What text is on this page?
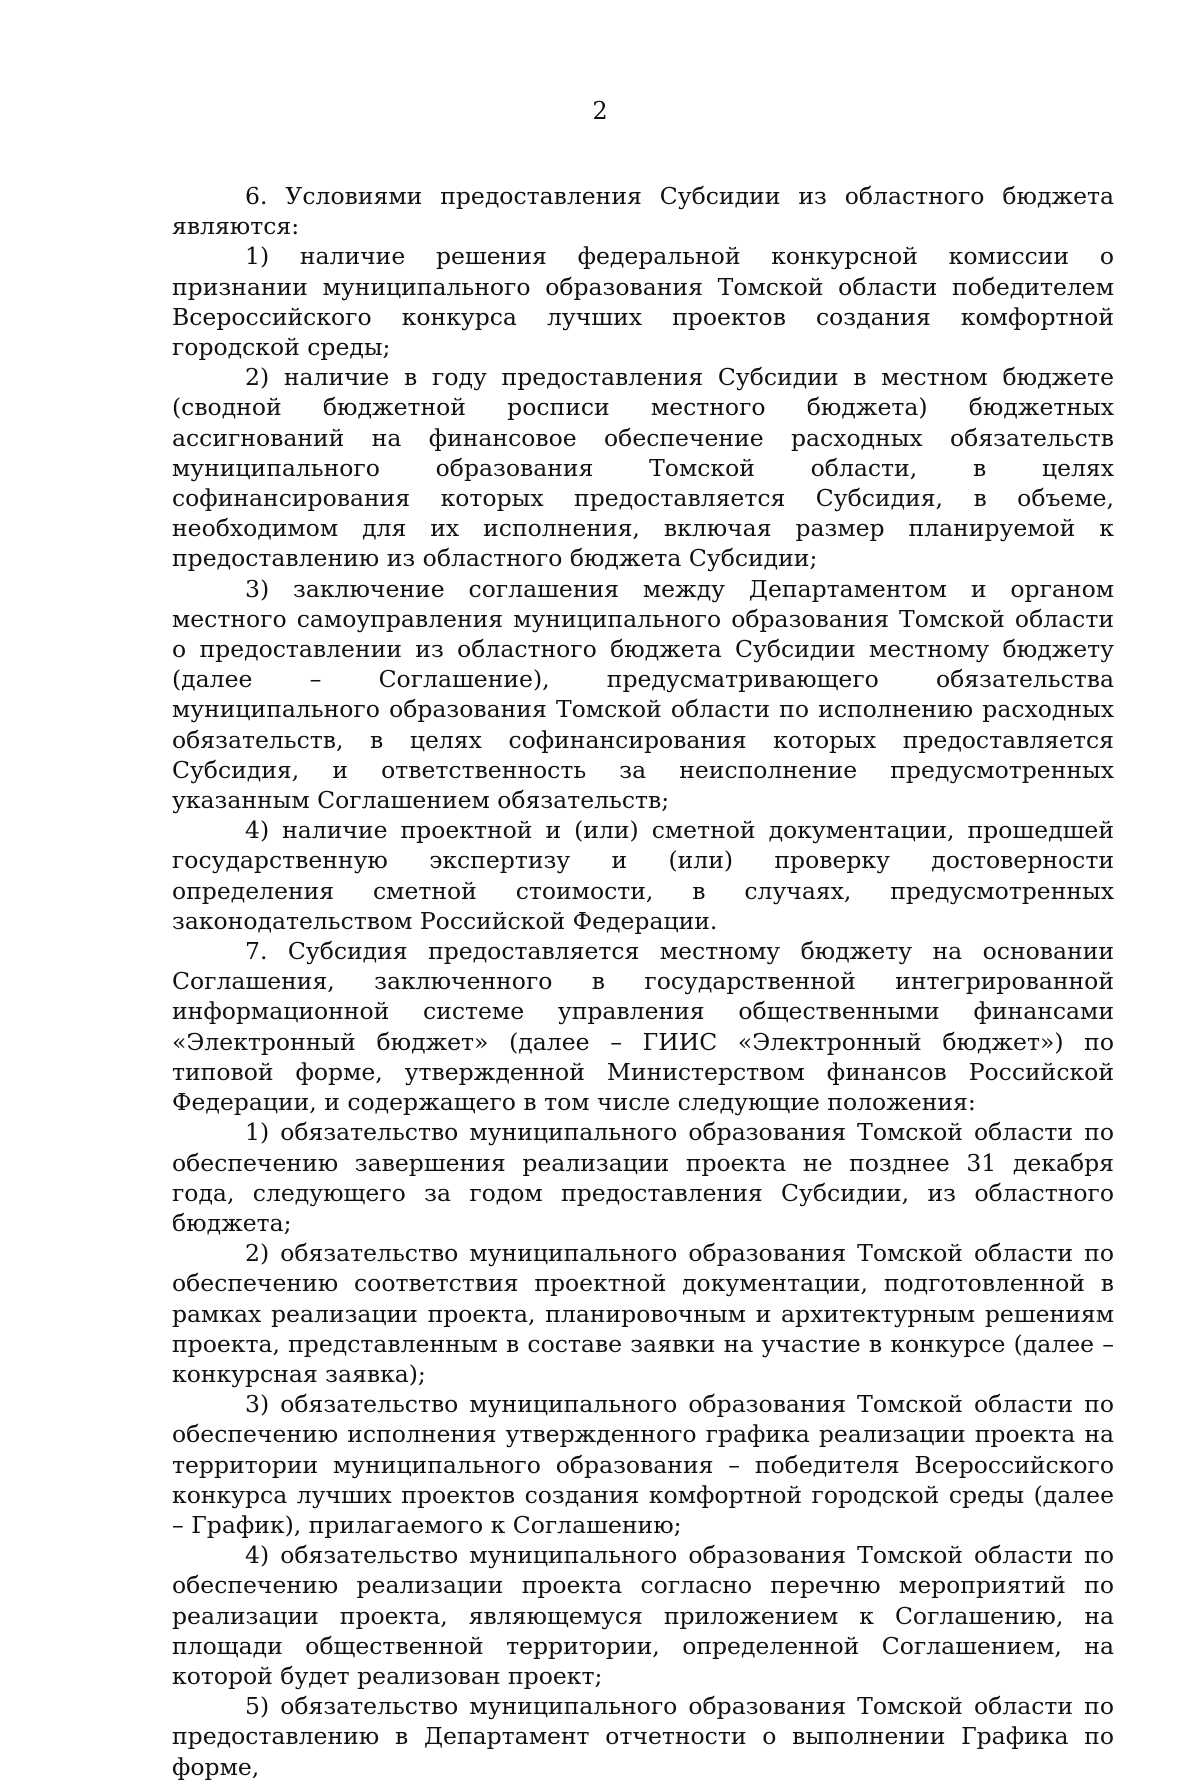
2

6. Условиями предоставления Субсидии из областного бюджета являются:

1) наличие решения федеральной конкурсной комиссии о признании муниципального образования Томской области победителем Всероссийского конкурса лучших проектов создания комфортной городской среды;

2) наличие в году предоставления Субсидии в местном бюджете (сводной бюджетной росписи местного бюджета) бюджетных ассигнований на финансовое обеспечение расходных обязательств муниципального образования Томской области, в целях софинансирования которых предоставляется Субсидия, в объеме, необходимом для их исполнения, включая размер планируемой к предоставлению из областного бюджета Субсидии;

3) заключение соглашения между Департаментом и органом местного самоуправления муниципального образования Томской области о предоставлении из областного бюджета Субсидии местному бюджету (далее – Соглашение), предусматривающего обязательства муниципального образования Томской области по исполнению расходных обязательств, в целях софинансирования которых предоставляется Субсидия, и ответственность за неисполнение предусмотренных указанным Соглашением обязательств;

4) наличие проектной и (или) сметной документации, прошедшей государственную экспертизу и (или) проверку достоверности определения сметной стоимости, в случаях, предусмотренных законодательством Российской Федерации.

7. Субсидия предоставляется местному бюджету на основании Соглашения, заключенного в государственной интегрированной информационной системе управления общественными финансами «Электронный бюджет» (далее – ГИИС «Электронный бюджет») по типовой форме, утвержденной Министерством финансов Российской Федерации, и содержащего в том числе следующие положения:

1) обязательство муниципального образования Томской области по обеспечению завершения реализации проекта не позднее 31 декабря года, следующего за годом предоставления Субсидии, из областного бюджета;

2) обязательство муниципального образования Томской области по обеспечению соответствия проектной документации, подготовленной в рамках реализации проекта, планировочным и архитектурным решениям проекта, представленным в составе заявки на участие в конкурсе (далее – конкурсная заявка);

3) обязательство муниципального образования Томской области по обеспечению исполнения утвержденного графика реализации проекта на территории муниципального образования – победителя Всероссийского конкурса лучших проектов создания комфортной городской среды (далее – График), прилагаемого к Соглашению;

4) обязательство муниципального образования Томской области по обеспечению реализации проекта согласно перечню мероприятий по реализации проекта, являющемуся приложением к Соглашению, на площади общественной территории, определенной Соглашением, на которой будет реализован проект;

5) обязательство муниципального образования Томской области по предоставлению в Департамент отчетности о выполнении Графика по форме,
